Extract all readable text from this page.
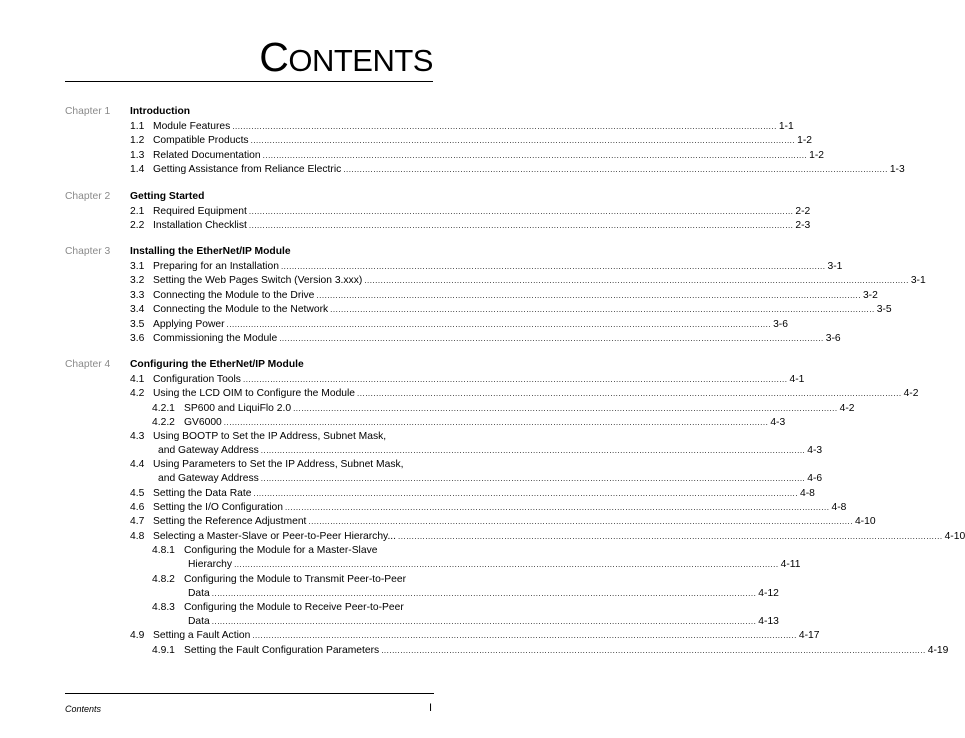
CONTENTS
Chapter 1 Introduction
1.1 Module Features ........................................................................................................................................................................................................ 1-1
1.2 Compatible Products ........................................................................................................................................................................................................ 1-2
1.3 Related Documentation ........................................................................................................................................................................................................ 1-2
1.4 Getting Assistance from Reliance Electric ........................................................................................................................................................................................................ 1-3
Chapter 2 Getting Started
2.1 Required Equipment ........................................................................................................................................................................................................ 2-2
2.2 Installation Checklist ........................................................................................................................................................................................................ 2-3
Chapter 3 Installing the EtherNet/IP Module
3.1 Preparing for an Installation ........................................................................................................................................................................................................ 3-1
3.2 Setting the Web Pages Switch (Version 3.xxx) ........................................................................................................................................................................................................ 3-1
3.3 Connecting the Module to the Drive ........................................................................................................................................................................................................ 3-2
3.4 Connecting the Module to the Network ........................................................................................................................................................................................................ 3-5
3.5 Applying Power ........................................................................................................................................................................................................ 3-6
3.6 Commissioning the Module ........................................................................................................................................................................................................ 3-6
Chapter 4 Configuring the EtherNet/IP Module
4.1 Configuration Tools ........................................................................................................................................................................................................ 4-1
4.2 Using the LCD OIM to Configure the Module ........................................................................................................................................................................................................ 4-2
4.2.1 SP600 and LiquiFlo 2.0 ........................................................................................................................................................................................................ 4-2
4.2.2 GV6000 ........................................................................................................................................................................................................ 4-3
4.3 Using BOOTP to Set the IP Address, Subnet Mask,
and Gateway Address ........................................................................................................................................................................................................ 4-3
4.4 Using Parameters to Set the IP Address, Subnet Mask,
and Gateway Address ........................................................................................................................................................................................................ 4-6
4.5 Setting the Data Rate ........................................................................................................................................................................................................ 4-8
4.6 Setting the I/O Configuration ........................................................................................................................................................................................................ 4-8
4.7 Setting the Reference Adjustment ........................................................................................................................................................................................................ 4-10
4.8 Selecting a Master-Slave or Peer-to-Peer Hierarchy... ........................................................................................................................................................................................................ 4-10
4.8.1 Configuring the Module for a Master-Slave
Hierarchy ........................................................................................................................................................................................................ 4-11
4.8.2 Configuring the Module to Transmit Peer-to-Peer
Data ........................................................................................................................................................................................................ 4-12
4.8.3 Configuring the Module to Receive Peer-to-Peer
Data ........................................................................................................................................................................................................ 4-13
4.9 Setting a Fault Action ........................................................................................................................................................................................................ 4-17
4.9.1 Setting the Fault Configuration Parameters ........................................................................................................................................................................................................ 4-19
Contents	I
